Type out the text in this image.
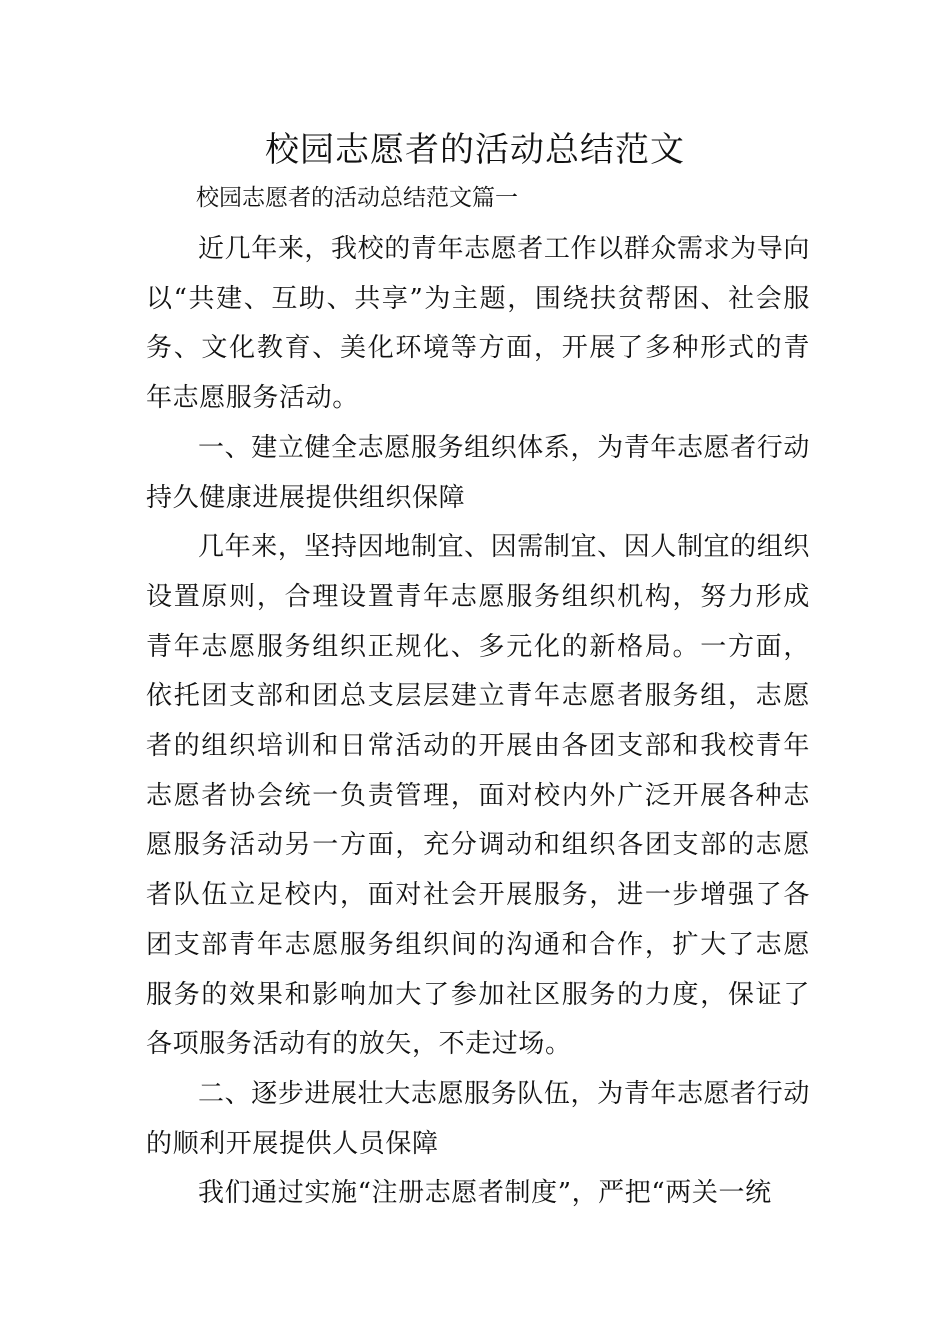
校园志愿者的活动总结范文
校园志愿者的活动总结范文篇一

近几年来，我校的青年志愿者工作以群众需求为导向以“共建、互助、共享”为主题，围绕扶贫帮困、社会服务、文化教育、美化环境等方面，开展了多种形式的青年志愿服务活动。

一、建立健全志愿服务组织体系，为青年志愿者行动持久健康进展提供组织保障

几年来，坚持因地制宜、因需制宜、因人制宜的组织设置原则，合理设置青年志愿服务组织机构，努力形成青年志愿服务组织正规化、多元化的新格局。一方面，依托团支部和团总支层层建立青年志愿者服务组，志愿者的组织培训和日常活动的开展由各团支部和我校青年志愿者协会统一负责管理，面对校内外广泛开展各种志愿服务活动另一方面，充分调动和组织各团支部的志愿者队伍立足校内，面对社会开展服务，进一步增强了各团支部青年志愿服务组织间的沟通和合作，扩大了志愿服务的效果和影响加大了参加社区服务的力度，保证了各项服务活动有的放矢，不走过场。

二、逐步进展壮大志愿服务队伍，为青年志愿者行动的顺利开展提供人员保障

我们通过实施“注册志愿者制度”，严把“两关一统
